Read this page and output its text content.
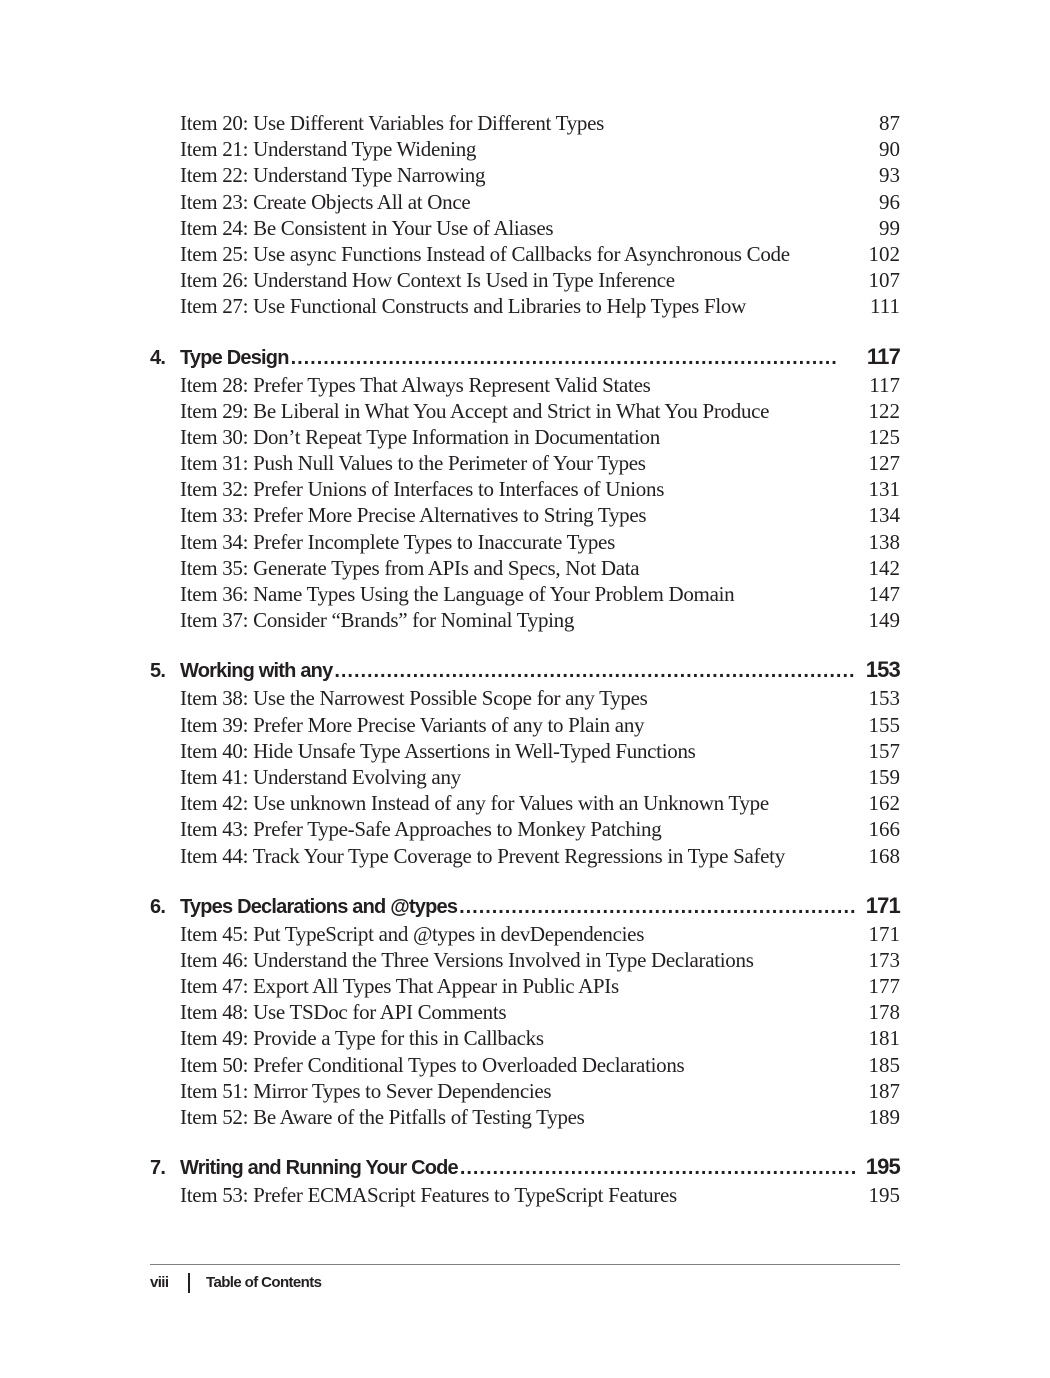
Item 20: Use Different Variables for Different Types	87
Item 21: Understand Type Widening	90
Item 22: Understand Type Narrowing	93
Item 23: Create Objects All at Once	96
Item 24: Be Consistent in Your Use of Aliases	99
Item 25: Use async Functions Instead of Callbacks for Asynchronous Code	102
Item 26: Understand How Context Is Used in Type Inference	107
Item 27: Use Functional Constructs and Libraries to Help Types Flow	111
4. Type Design . . .	117
Item 28: Prefer Types That Always Represent Valid States	117
Item 29: Be Liberal in What You Accept and Strict in What You Produce	122
Item 30: Don’t Repeat Type Information in Documentation	125
Item 31: Push Null Values to the Perimeter of Your Types	127
Item 32: Prefer Unions of Interfaces to Interfaces of Unions	131
Item 33: Prefer More Precise Alternatives to String Types	134
Item 34: Prefer Incomplete Types to Inaccurate Types	138
Item 35: Generate Types from APIs and Specs, Not Data	142
Item 36: Name Types Using the Language of Your Problem Domain	147
Item 37: Consider “Brands” for Nominal Typing	149
5. Working with any . . .	153
Item 38: Use the Narrowest Possible Scope for any Types	153
Item 39: Prefer More Precise Variants of any to Plain any	155
Item 40: Hide Unsafe Type Assertions in Well-Typed Functions	157
Item 41: Understand Evolving any	159
Item 42: Use unknown Instead of any for Values with an Unknown Type	162
Item 43: Prefer Type-Safe Approaches to Monkey Patching	166
Item 44: Track Your Type Coverage to Prevent Regressions in Type Safety	168
6. Types Declarations and @types . . .	171
Item 45: Put TypeScript and @types in devDependencies	171
Item 46: Understand the Three Versions Involved in Type Declarations	173
Item 47: Export All Types That Appear in Public APIs	177
Item 48: Use TSDoc for API Comments	178
Item 49: Provide a Type for this in Callbacks	181
Item 50: Prefer Conditional Types to Overloaded Declarations	185
Item 51: Mirror Types to Sever Dependencies	187
Item 52: Be Aware of the Pitfalls of Testing Types	189
7. Writing and Running Your Code . . .	195
Item 53: Prefer ECMAScript Features to TypeScript Features	195
viii	Table of Contents
